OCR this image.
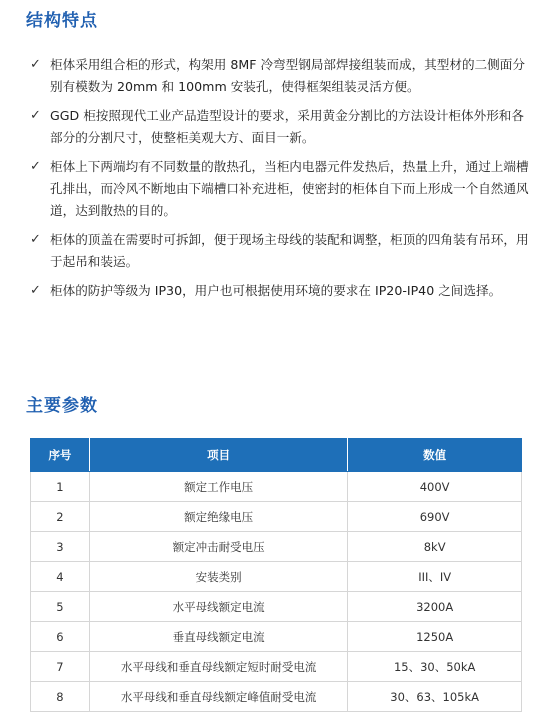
结构特点
✓ 柜体采用组合柜的形式，构架用 8MF 冷弯型钢局部焊接组装而成，其型材的二侧面分别有模数为 20mm 和 100mm 安装孔，使得框架组装灵活方便。
✓ GGD 柜按照现代工业产品造型设计的要求，采用黄金分割比的方法设计柜体外形和各部分的分割尺寸，使整柜美观大方、面目一新。
✓ 柜体上下两端均有不同数量的散热孔，当柜内电器元件发热后，热量上升，通过上端槽孔排出，而冷风不断地由下端槽口补充进柜，使密封的柜体自下而上形成一个自然通风道，达到散热的目的。
✓ 柜体的顶盖在需要时可拆卸，便于现场主母线的装配和调整，柜顶的四角装有吊环，用于起吊和装运。
✓ 柜体的防护等级为 IP30，用户也可根据使用环境的要求在 IP20-IP40 之间选择。
主要参数
序号	项目	数值
1	额定工作电压	400V
2	额定绝缘电压	690V
3	额定冲击耐受电压	8kV
4	安装类别	III、IV
5	水平母线额定电流	3200A
6	垂直母线额定电流	1250A
7	水平母线和垂直母线额定短时耐受电流	15、30、50kA
8	水平母线和垂直母线额定峰值耐受电流	30、63、105kA
